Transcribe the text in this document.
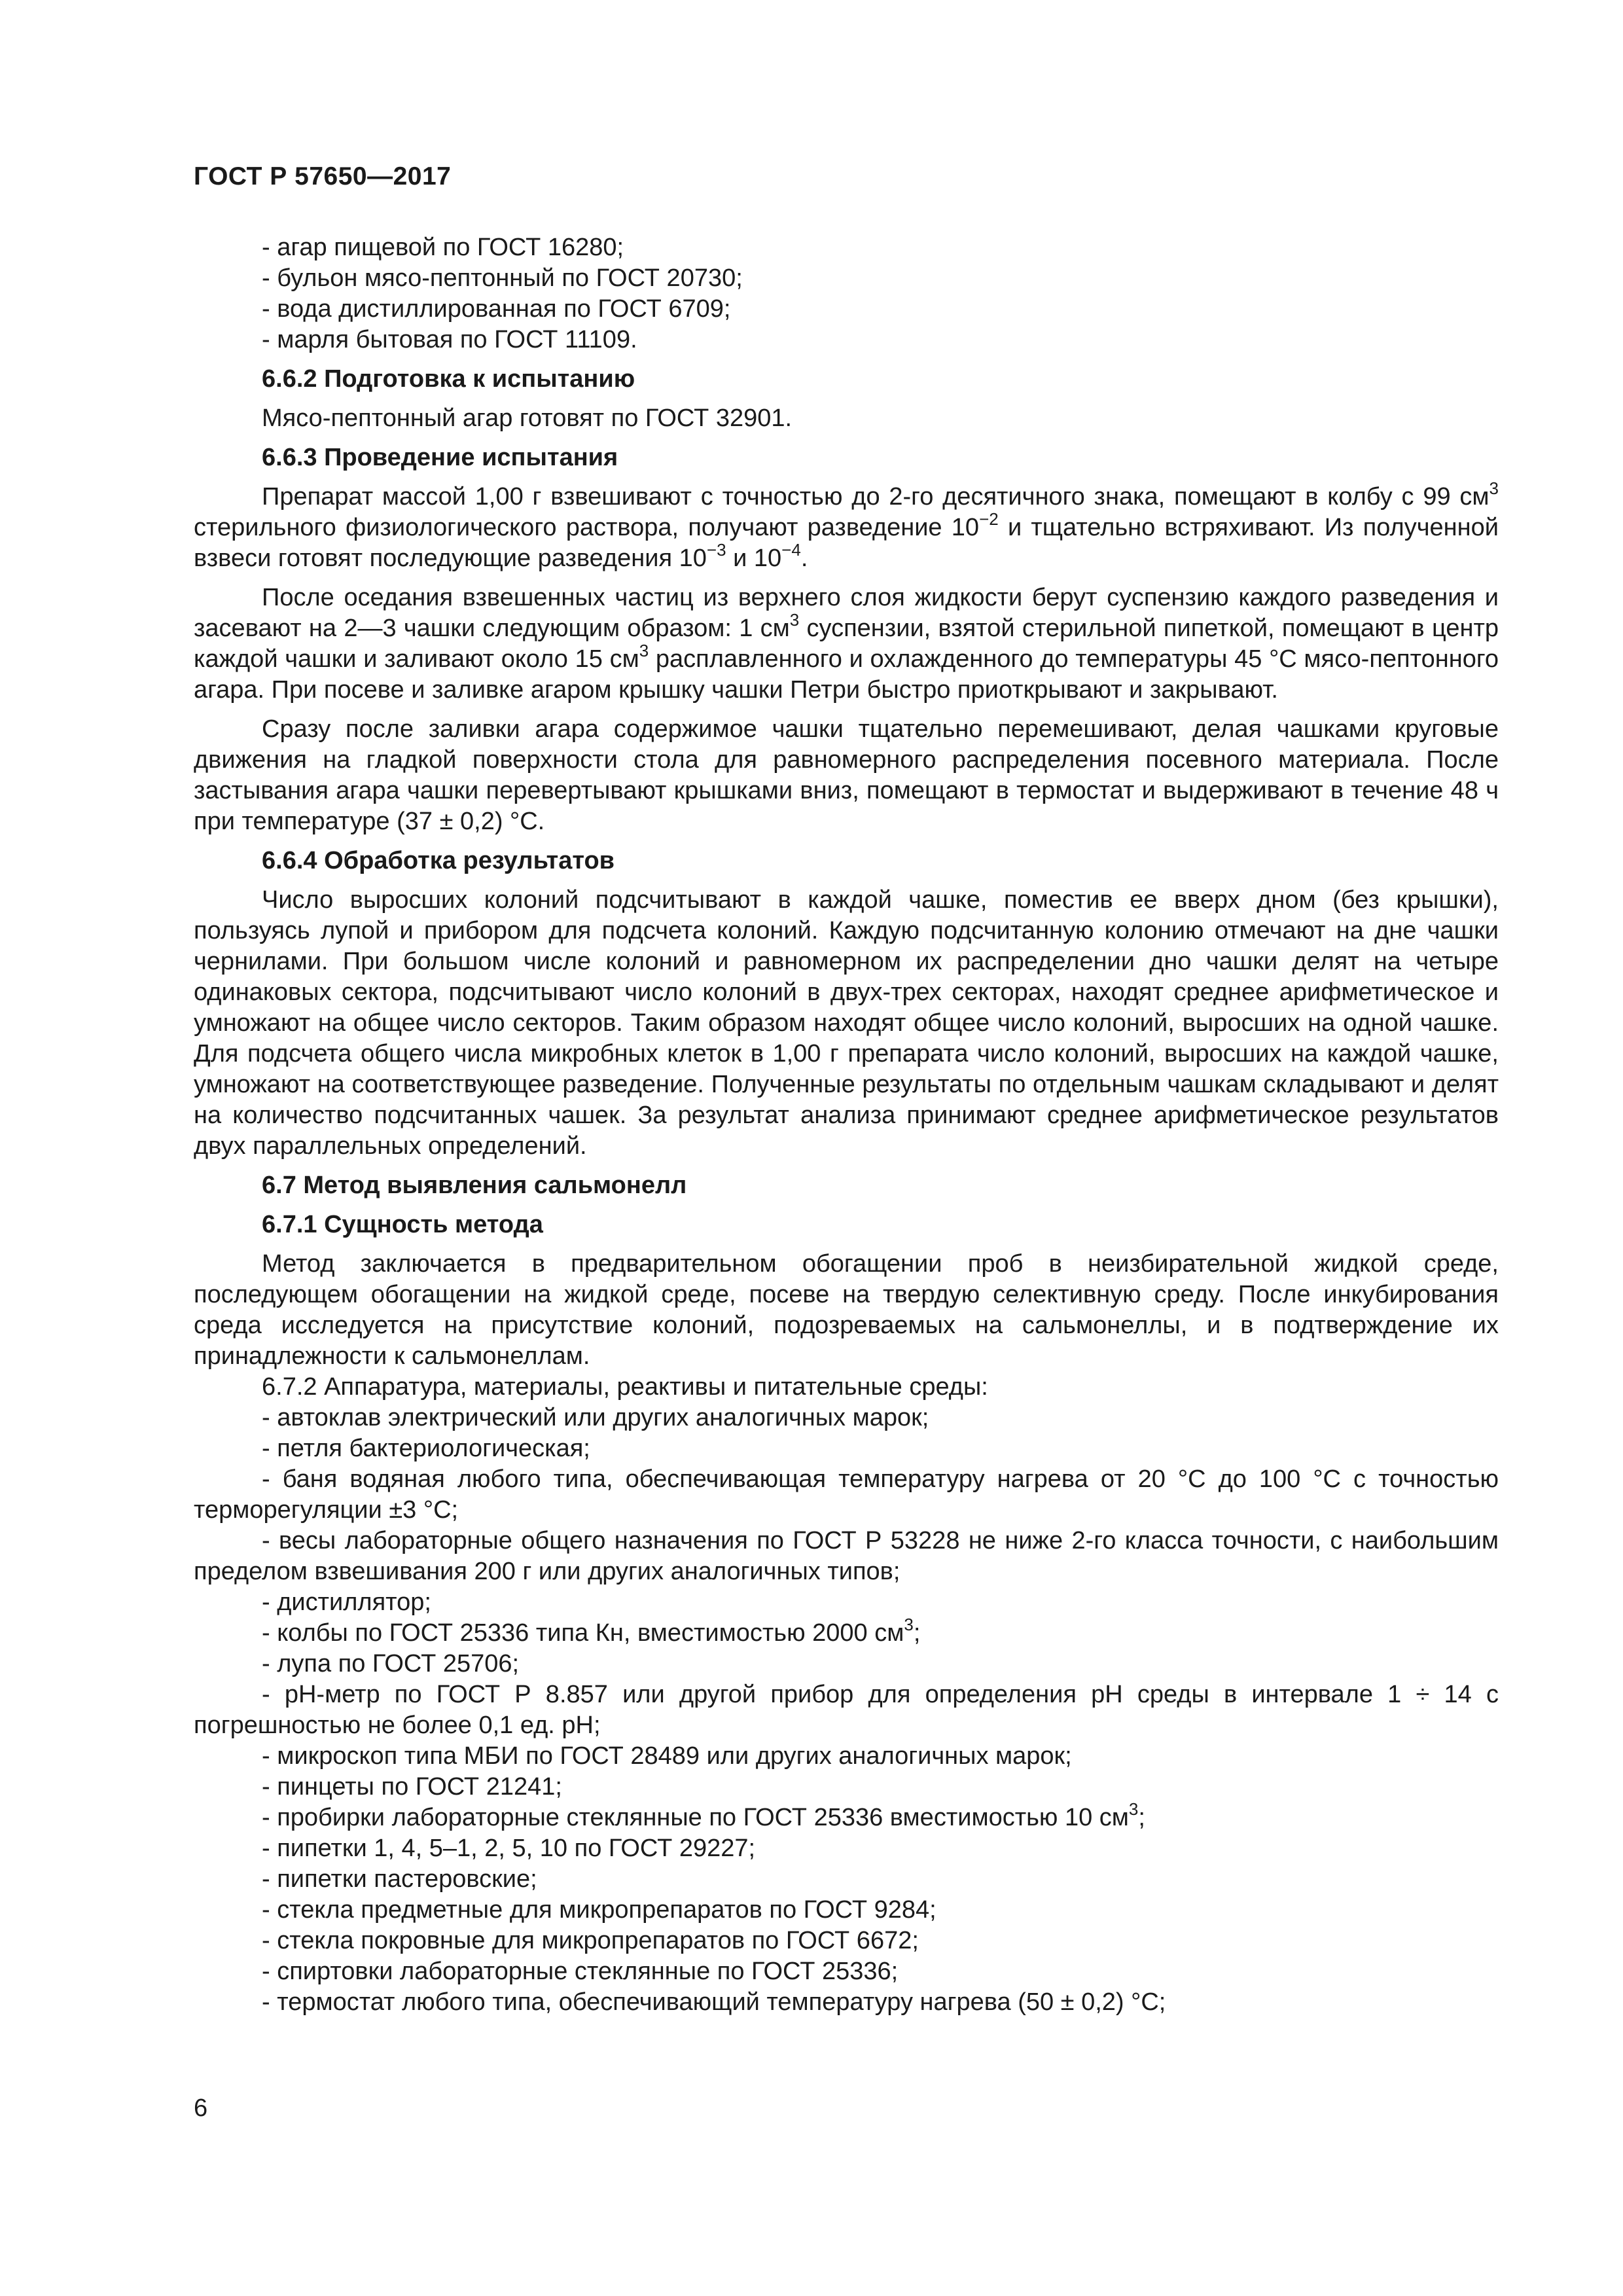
ГОСТ Р 57650—2017

- агар пищевой по ГОСТ 16280;

- бульон мясо-пептонный по ГОСТ 20730;

- вода дистиллированная по ГОСТ 6709;

- марля бытовая по ГОСТ 11109.

6.6.2 Подготовка к испытанию

Мясо-пептонный агар готовят по ГОСТ 32901.

6.6.3 Проведение испытания

Препарат массой 1,00 г взвешивают с точностью до 2-го десятичного знака, помещают в колбу с 99 $см^3$ стерильного физиологического раствора, получают разведение $10^{-2}$ и тщательно встряхивают. Из полученной взвеси готовят последующие разведения $10^{-3}$ и $10^{-4}$.

После оседания взвешенных частиц из верхнего слоя жидкости берут суспензию каждого разведения и засевают на 2—3 чашки следующим образом: 1 $см^3$ суспензии, взятой стерильной пипеткой, помещают в центр каждой чашки и заливают около 15 $см^3$ расплавленного и охлажденного до температуры 45 °С мясо-пептонного агара. При посеве и заливке агаром крышку чашки Петри быстро приоткрывают и закрывают.

Сразу после заливки агара содержимое чашки тщательно перемешивают, делая чашками круговые движения на гладкой поверхности стола для равномерного распределения посевного материала. После застывания агара чашки перевертывают крышками вниз, помещают в термостат и выдерживают в течение 48 ч при температуре (37 ± 0,2) °С.

6.6.4 Обработка результатов

Число выросших колоний подсчитывают в каждой чашке, поместив ее вверх дном (без крышки), пользуясь лупой и прибором для подсчета колоний. Каждую подсчитанную колонию отмечают на дне чашки чернилами. При большом числе колоний и равномерном их распределении дно чашки делят на четыре одинаковых сектора, подсчитывают число колоний в двух-трех секторах, находят среднее арифметическое и умножают на общее число секторов. Таким образом находят общее число колоний, выросших на одной чашке. Для подсчета общего числа микробных клеток в 1,00 г препарата число колоний, выросших на каждой чашке, умножают на соответствующее разведение. Полученные результаты по отдельным чашкам складывают и делят на количество подсчитанных чашек. За результат анализа принимают среднее арифметическое результатов двух параллельных определений.

6.7 Метод выявления сальмонелл

6.7.1 Сущность метода

Метод заключается в предварительном обогащении проб в неизбирательной жидкой среде, последующем обогащении на жидкой среде, посеве на твердую селективную среду. После инкубирования среда исследуется на присутствие колоний, подозреваемых на сальмонеллы, и в подтверждение их принадлежности к сальмонеллам.

6.7.2 Аппаратура, материалы, реактивы и питательные среды:

- автоклав электрический или других аналогичных марок;

- петля бактериологическая;

- баня водяная любого типа, обеспечивающая температуру нагрева от 20 °С до 100 °С с точностью терморегуляции ±3 °С;

- весы лабораторные общего назначения по ГОСТ Р 53228 не ниже 2-го класса точности, с наибольшим пределом взвешивания 200 г или других аналогичных типов;

- дистиллятор;

- колбы по ГОСТ 25336 типа Кн, вместимостью 2000 $см^3$;

- лупа по ГОСТ 25706;

- pH-метр по ГОСТ Р 8.857 или другой прибор для определения pH среды в интервале 1 ÷ 14 с погрешностью не более 0,1 ед. pH;

- микроскоп типа МБИ по ГОСТ 28489 или других аналогичных марок;

- пинцеты по ГОСТ 21241;

- пробирки лабораторные стеклянные по ГОСТ 25336 вместимостью 10 $см^3$;

- пипетки 1, 4, 5–1, 2, 5, 10 по ГОСТ 29227;

- пипетки пастеровские;

- стекла предметные для микропрепаратов по ГОСТ 9284;

- стекла покровные для микропрепаратов по ГОСТ 6672;

- спиртовки лабораторные стеклянные по ГОСТ 25336;

- термостат любого типа, обеспечивающий температуру нагрева (50 ± 0,2) °С;

6
